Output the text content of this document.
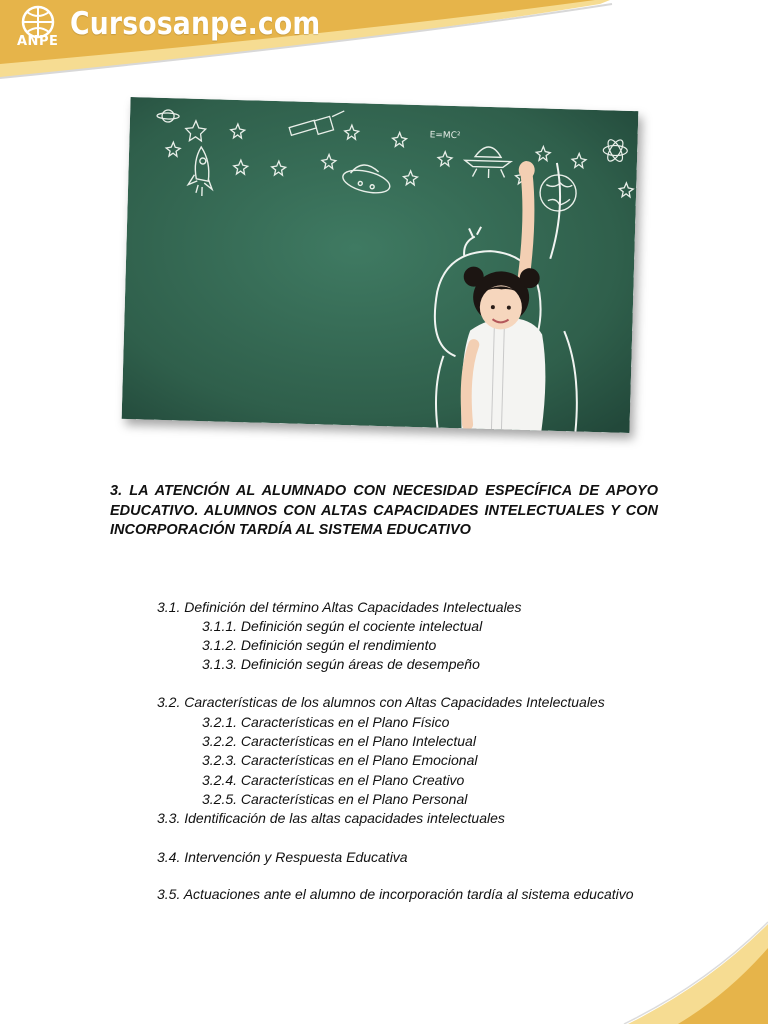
ANPE Cursosanpe.com
E=MC²

3. LA ATENCIÓN AL ALUMNADO CON NECESIDAD ESPECÍFICA DE APOYO EDUCATIVO. ALUMNOS CON ALTAS CAPACIDADES INTELECTUALES Y CON INCORPORACIÓN TARDÍA AL SISTEMA EDUCATIVO

3.1. Definición del término Altas Capacidades Intelectuales
3.1.1. Definición según el cociente intelectual
3.1.2. Definición según el rendimiento
3.1.3. Definición según áreas de desempeño
3.2. Características de los alumnos con Altas Capacidades Intelectuales
3.2.1. Características en el Plano Físico
3.2.2. Características en el Plano Intelectual
3.2.3. Características en el Plano Emocional
3.2.4. Características en el Plano Creativo
3.2.5. Características en el Plano Personal
3.3. Identificación de las altas capacidades intelectuales
3.4. Intervención y Respuesta Educativa
3.5. Actuaciones ante el alumno de incorporación tardía al sistema educativo
